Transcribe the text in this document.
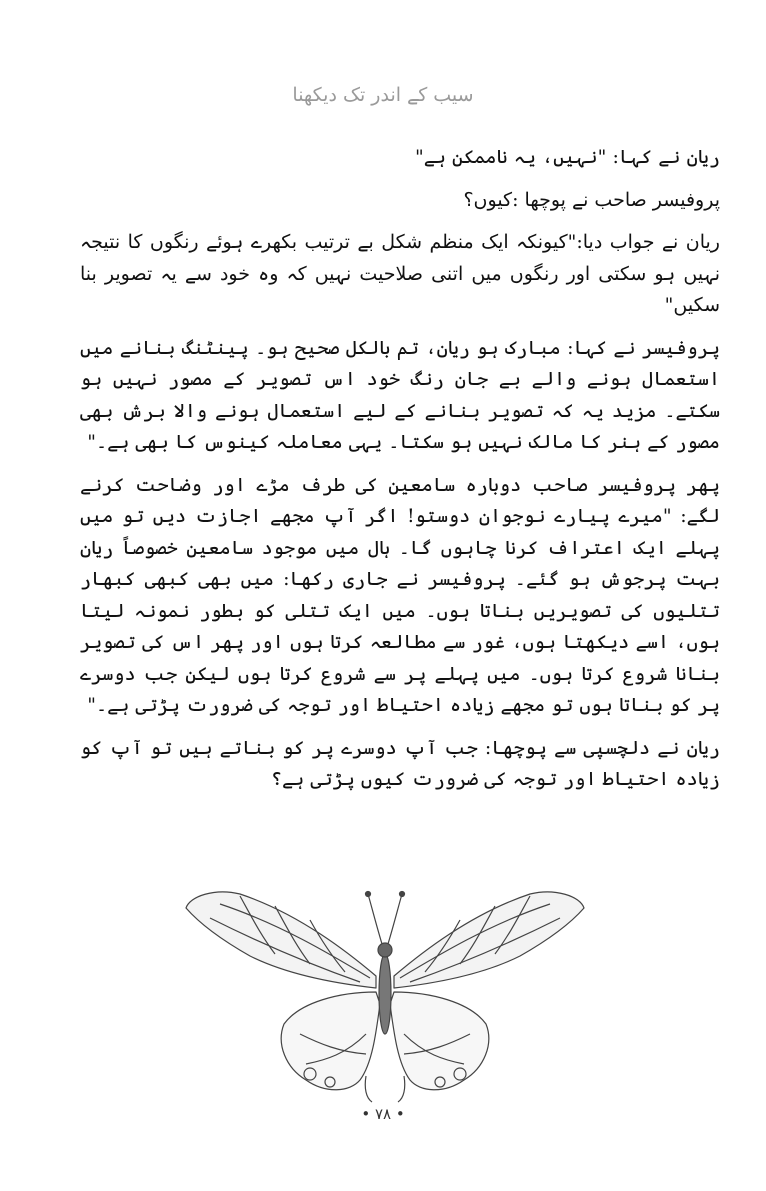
سیب کے اندر تک دیکھنا

ریان نے کہا: "نہیں، یہ ناممکن ہے"

پروفیسر صاحب نے پوچھا :کیوں؟

ریان نے جواب دیا:"کیونکہ ایک منظم شکل بے ترتیب بکھرے ہوئے رنگوں کا نتیجہ نہیں ہو سکتی اور رنگوں میں اتنی صلاحیت نہیں کہ وہ خود سے یہ تصویر بنا سکیں"

پروفیسر نے کہا: مبارک ہو ریان، تم بالکل صحیح ہو۔ پینٹنگ بنانے میں استعمال ہونے والے بے جان رنگ خود اس تصویر کے مصور نہیں ہو سکتے۔ مزید یہ کہ تصویر بنانے کے لیے استعمال ہونے والا برش بھی مصور کے ہنر کا مالک نہیں ہو سکتا۔ یہی معاملہ کینوس کا بھی ہے۔"

پھر پروفیسر صاحب دوبارہ سامعین کی طرف مڑے اور وضاحت کرنے لگے: "میرے پیارے نوجوان دوستو! اگر آپ مجھے اجازت دیں تو میں پہلے ایک اعتراف کرنا چاہوں گا۔ ہال میں موجود سامعین خصوصاً ریان بہت پرجوش ہو گئے۔ پروفیسر نے جاری رکھا: میں بھی کبھی کبھار تتلیوں کی تصویریں بناتا ہوں۔ میں ایک تتلی کو بطور نمونہ لیتا ہوں، اسے دیکھتا ہوں، غور سے مطالعہ کرتا ہوں اور پھر اس کی تصویر بنانا شروع کرتا ہوں۔ میں پہلے پر سے شروع کرتا ہوں لیکن جب دوسرے پر کو بناتا ہوں تو مجھے زیادہ احتیاط اور توجہ کی ضرورت پڑتی ہے۔"

ریان نے دلچسپی سے پوچھا: جب آپ دوسرے پر کو بناتے ہیں تو آپ کو زیادہ احتیاط اور توجہ کی ضرورت کیوں پڑتی ہے؟

• ۷۸ •
